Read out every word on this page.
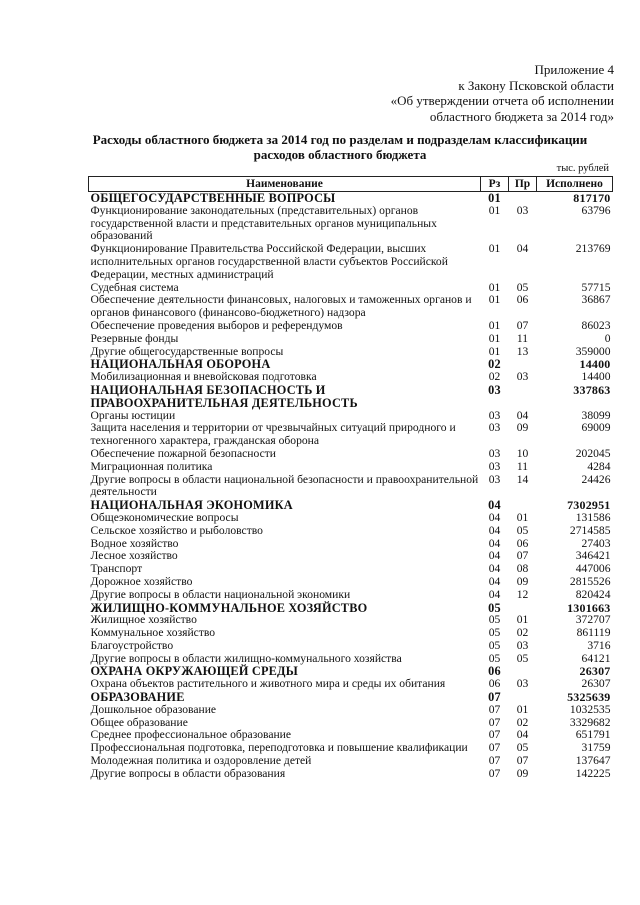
Приложение 4
к Закону Псковской области
«Об утверждении отчета об исполнении
областного бюджета за 2014 год»
Расходы областного бюджета за 2014 год по разделам и подразделам классификации
расходов областного бюджета
тыс. рублей
Наименование	Рз	Пр	Исполнено
ОБЩЕГОСУДАРСТВЕННЫЕ ВОПРОСЫ	01		817170
Функционирование законодательных (представительных) органов государственной власти и представительных органов муниципальных образований	01	03	63796
Функционирование Правительства Российской Федерации, высших исполнительных органов государственной власти субъектов Российской Федерации, местных администраций	01	04	213769
Судебная система	01	05	57715
Обеспечение деятельности финансовых, налоговых и таможенных органов и органов финансового (финансово-бюджетного) надзора	01	06	36867
Обеспечение проведения выборов и референдумов	01	07	86023
Резервные фонды	01	11	0
Другие общегосударственные вопросы	01	13	359000
НАЦИОНАЛЬНАЯ ОБОРОНА	02		14400
Мобилизационная и вневойсковая подготовка	02	03	14400
НАЦИОНАЛЬНАЯ БЕЗОПАСНОСТЬ И ПРАВООХРАНИТЕЛЬНАЯ ДЕЯТЕЛЬНОСТЬ	03		337863
Органы юстиции	03	04	38099
Защита населения и территории от чрезвычайных ситуаций природного и техногенного характера, гражданская оборона	03	09	69009
Обеспечение пожарной безопасности	03	10	202045
Миграционная политика	03	11	4284
Другие вопросы в области национальной безопасности и правоохранительной деятельности	03	14	24426
НАЦИОНАЛЬНАЯ ЭКОНОМИКА	04		7302951
Общеэкономические вопросы	04	01	131586
Сельское хозяйство и рыболовство	04	05	2714585
Водное хозяйство	04	06	27403
Лесное хозяйство	04	07	346421
Транспорт	04	08	447006
Дорожное хозяйство	04	09	2815526
Другие вопросы в области национальной экономики	04	12	820424
ЖИЛИЩНО-КОММУНАЛЬНОЕ ХОЗЯЙСТВО	05		1301663
Жилищное хозяйство	05	01	372707
Коммунальное хозяйство	05	02	861119
Благоустройство	05	03	3716
Другие вопросы в области жилищно-коммунального хозяйства	05	05	64121
ОХРАНА ОКРУЖАЮЩЕЙ СРЕДЫ	06		26307
Охрана объектов растительного и животного мира и среды их обитания	06	03	26307
ОБРАЗОВАНИЕ	07		5325639
Дошкольное образование	07	01	1032535
Общее образование	07	02	3329682
Среднее профессиональное образование	07	04	651791
Профессиональная подготовка, переподготовка и повышение квалификации	07	05	31759
Молодежная политика и оздоровление детей	07	07	137647
Другие вопросы в области образования	07	09	142225
